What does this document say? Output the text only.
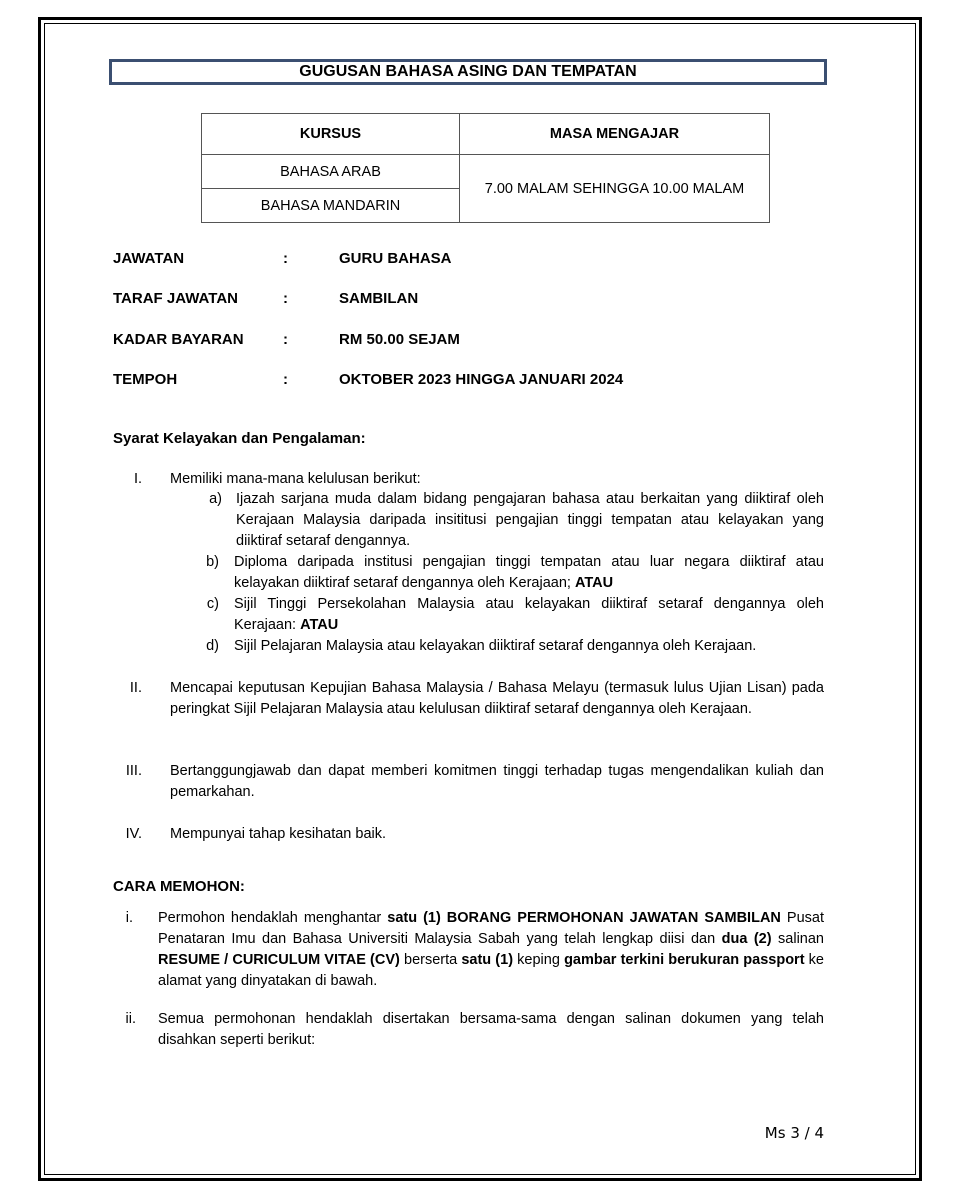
GUGUSAN BAHASA ASING DAN TEMPATAN
KURSUS	MASA MENGAJAR
BAHASA ARAB	7.00 MALAM SEHINGGA 10.00 MALAM
BAHASA MANDARIN	
JAWATAN	:	GURU BAHASA
TARAF JAWATAN	:	SAMBILAN
KADAR BAYARAN	:	RM 50.00 SEJAM
TEMPOH	:	OKTOBER 2023 HINGGA JANUARI 2024
Syarat Kelayakan dan Pengalaman:
I. Memiliki mana-mana kelulusan berikut:
a) Ijazah sarjana muda dalam bidang pengajaran bahasa atau berkaitan yang diiktiraf oleh Kerajaan Malaysia daripada insititusi pengajian tinggi tempatan atau kelayakan yang diiktiraf setaraf dengannya.
b) Diploma daripada institusi pengajian tinggi tempatan atau luar negara diiktiraf atau kelayakan diiktiraf setaraf dengannya oleh Kerajaan; ATAU
c) Sijil Tinggi Persekolahan Malaysia atau kelayakan diiktiraf setaraf dengannya oleh Kerajaan: ATAU
d) Sijil Pelajaran Malaysia atau kelayakan diiktiraf setaraf dengannya oleh Kerajaan.
II. Mencapai keputusan Kepujian Bahasa Malaysia / Bahasa Melayu (termasuk lulus Ujian Lisan) pada peringkat Sijil Pelajaran Malaysia atau kelulusan diiktiraf setaraf dengannya oleh Kerajaan.
III. Bertanggungjawab dan dapat memberi komitmen tinggi terhadap tugas mengendalikan kuliah dan pemarkahan.
IV. Mempunyai tahap kesihatan baik.
CARA MEMOHON:
i. Permohon hendaklah menghantar satu (1) BORANG PERMOHONAN JAWATAN SAMBILAN Pusat Penataran Imu dan Bahasa Universiti Malaysia Sabah yang telah lengkap diisi dan dua (2) salinan RESUME / CURICULUM VITAE (CV) berserta satu (1) keping gambar terkini berukuran passport ke alamat yang dinyatakan di bawah.
ii. Semua permohonan hendaklah disertakan bersama-sama dengan salinan dokumen yang telah disahkan seperti berikut:
Ms 3 / 4
